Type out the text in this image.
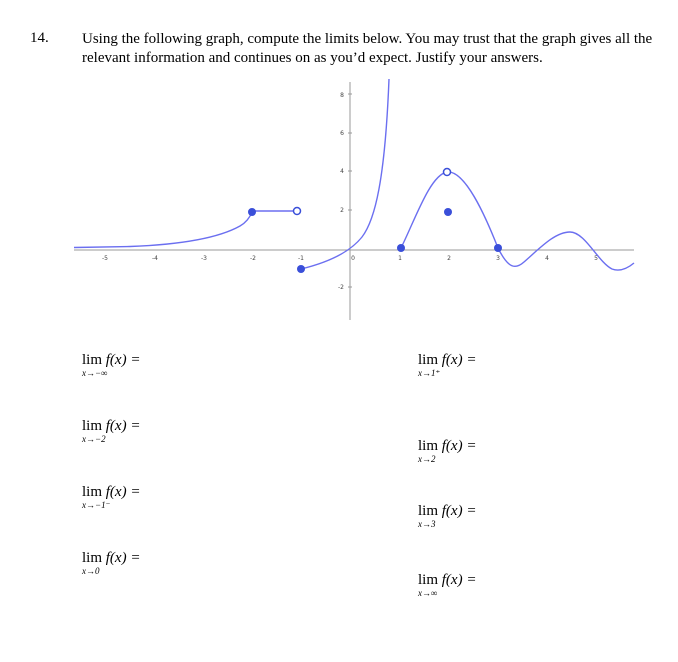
14. Using the following graph, compute the limits below. You may trust that the graph gives all the relevant information and continues on as you’d expect. Justify your answers.
-5	-4	-3	-2	-1	0	1	2	3	4	5
8
6
4
2
-2
lim f(x) =
x→−∞
lim f(x) =
x→−2
lim f(x) =
x→−1⁻
lim f(x) =
x→0
lim f(x) =
x→1⁺
lim f(x) =
x→2
lim f(x) =
x→3
lim f(x) =
x→∞
